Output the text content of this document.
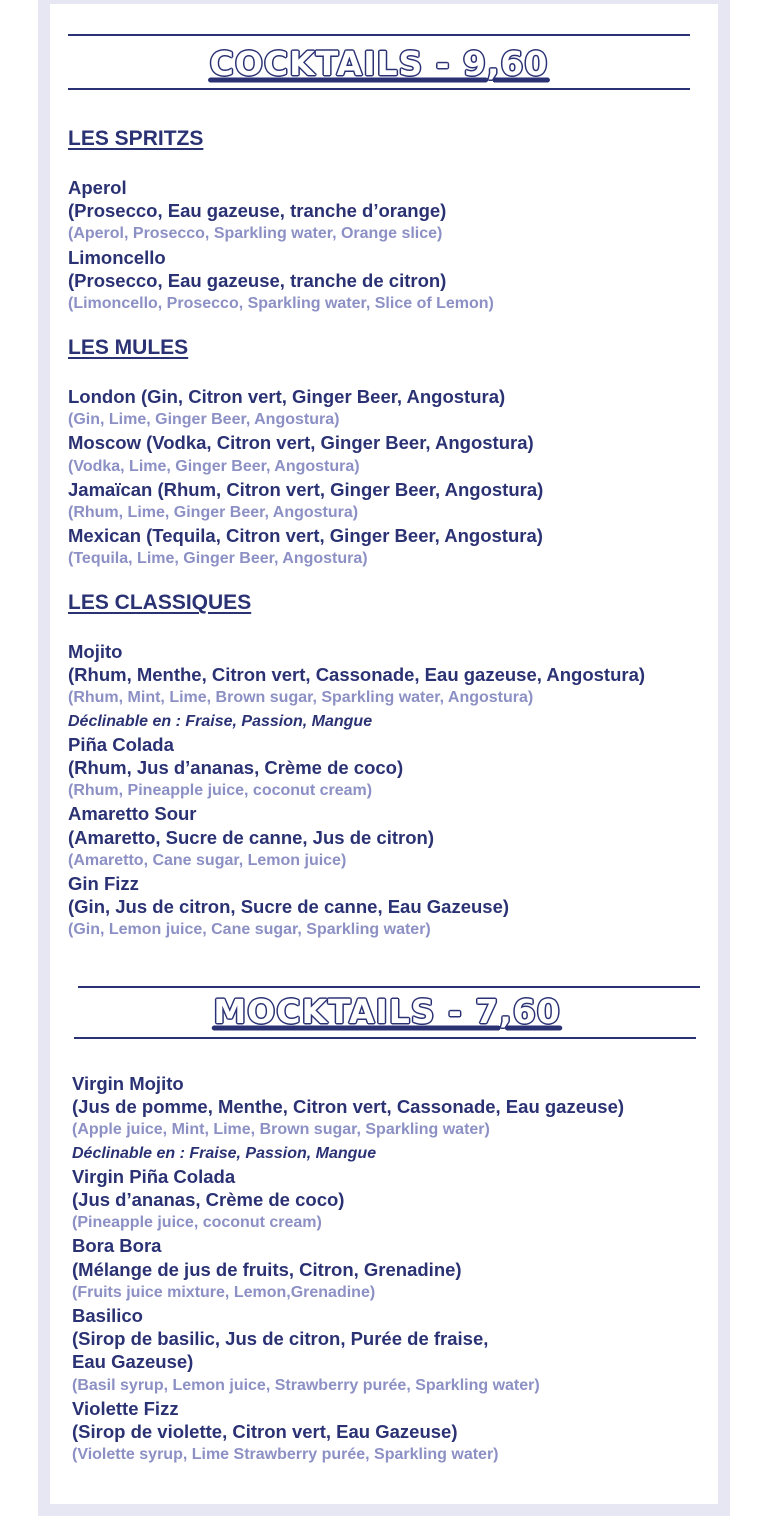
COCKTAILS - 9,60
LES SPRITZS
Aperol
(Prosecco, Eau gazeuse, tranche d’orange)
(Aperol, Prosecco, Sparkling water, Orange slice)
Limoncello
(Prosecco, Eau gazeuse, tranche de citron)
(Limoncello, Prosecco, Sparkling water, Slice of Lemon)
LES MULES
London (Gin, Citron vert, Ginger Beer, Angostura)
(Gin, Lime, Ginger Beer, Angostura)
Moscow (Vodka, Citron vert, Ginger Beer, Angostura)
(Vodka, Lime, Ginger Beer, Angostura)
Jamaïcan (Rhum, Citron vert, Ginger Beer, Angostura)
(Rhum, Lime, Ginger Beer, Angostura)
Mexican (Tequila, Citron vert, Ginger Beer, Angostura)
(Tequila, Lime, Ginger Beer, Angostura)
LES CLASSIQUES
Mojito
(Rhum, Menthe, Citron vert, Cassonade, Eau gazeuse, Angostura)
(Rhum, Mint, Lime, Brown sugar, Sparkling water, Angostura)
Déclinable en : Fraise, Passion, Mangue
Piña Colada
(Rhum, Jus d’ananas, Crème de coco)
(Rhum, Pineapple juice, coconut cream)
Amaretto Sour
(Amaretto, Sucre de canne, Jus de citron)
(Amaretto, Cane sugar, Lemon juice)
Gin Fizz
(Gin, Jus de citron, Sucre de canne, Eau Gazeuse)
(Gin, Lemon juice, Cane sugar, Sparkling water)
MOCKTAILS - 7,60
Virgin Mojito
(Jus de pomme, Menthe, Citron vert, Cassonade, Eau gazeuse)
(Apple juice, Mint, Lime, Brown sugar, Sparkling water)
Déclinable en : Fraise, Passion, Mangue
Virgin Piña Colada
(Jus d’ananas, Crème de coco)
(Pineapple juice, coconut cream)
Bora Bora
(Mélange de jus de fruits, Citron, Grenadine)
(Fruits juice mixture, Lemon,Grenadine)
Basilico
(Sirop de basilic, Jus de citron, Purée de fraise,
Eau Gazeuse)
(Basil syrup, Lemon juice, Strawberry purée, Sparkling water)
Violette Fizz
(Sirop de violette, Citron vert, Eau Gazeuse)
(Violette syrup, Lime Strawberry purée, Sparkling water)
